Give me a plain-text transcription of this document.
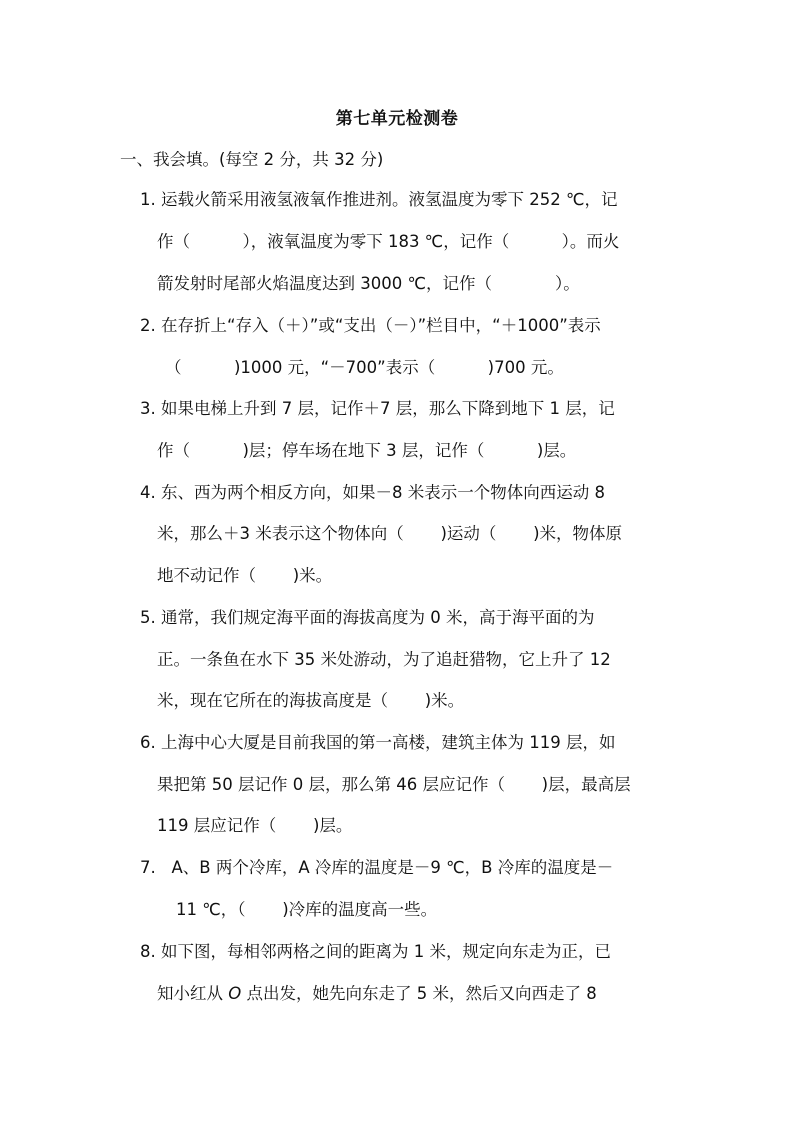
第七单元检测卷
一、我会填。(每空 2 分，共 32 分)
1. 运载火箭采用液氢液氧作推进剂。液氢温度为零下 252 ℃，记
作（          ），液氧温度为零下 183 ℃，记作（          ）。而火
箭发射时尾部火焰温度达到 3000 ℃，记作（            ）。
2. 在存折上“存入（＋）”或“支出（－）”栏目中，“＋1000”表示
（          )1000 元，“－700”表示（          )700 元。
3. 如果电梯上升到 7 层，记作＋7 层，那么下降到地下 1 层，记
作（          )层；停车场在地下 3 层，记作（          )层。
4. 东、西为两个相反方向，如果－8 米表示一个物体向西运动 8
米，那么＋3 米表示这个物体向（       )运动（       )米，物体原
地不动记作（       )米。
5. 通常，我们规定海平面的海拔高度为 0 米，高于海平面的为
正。一条鱼在水下 35 米处游动，为了追赶猎物，它上升了 12
米，现在它所在的海拔高度是（       )米。
6. 上海中心大厦是目前我国的第一高楼，建筑主体为 119 层，如
果把第 50 层记作 0 层，那么第 46 层应记作（       )层，最高层
119 层应记作（       )层。
7.   A、B 两个冷库，A 冷库的温度是－9 ℃，B 冷库的温度是－
11 ℃，（       )冷库的温度高一些。
8. 如下图，每相邻两格之间的距离为 1 米，规定向东走为正，已
知小红从 O 点出发，她先向东走了 5 米，然后又向西走了 8
